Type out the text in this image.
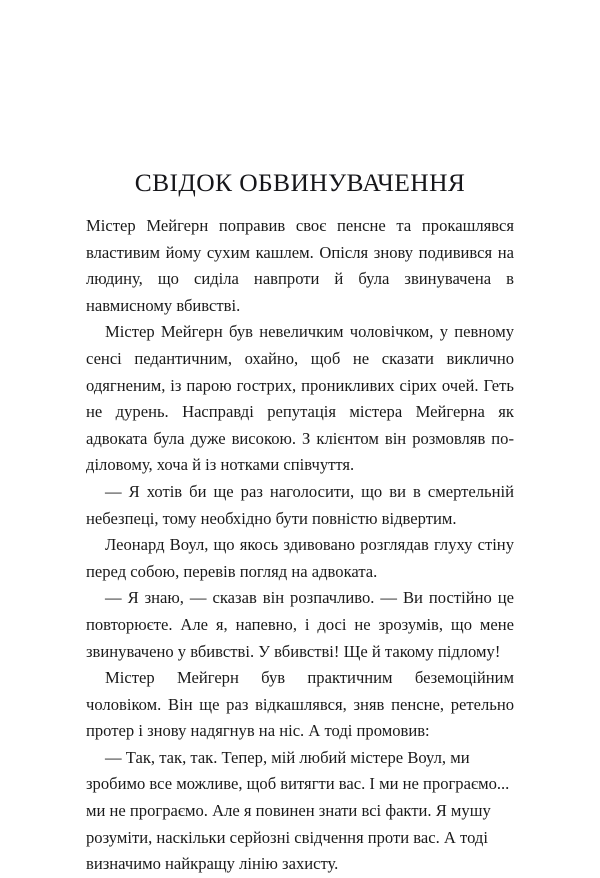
СВІДОК ОБВИНУВАЧЕННЯ

Містер Мейгерн поправив своє пенсне та прокашлявся властивим йому сухим кашлем. Опісля знову подивився на людину, що сиділа навпроти й була звинувачена в навмисному вбивстві.

Містер Мейгерн був невеличким чоловічком, у певному сенсі педантичним, охайно, щоб не сказати виклично одягненим, із парою гострих, проникливих сірих очей. Геть не дурень. Насправді репутація містера Мейгерна як адвоката була дуже високою. З клієнтом він розмовляв по-діловому, хоча й із нотками співчуття.

— Я хотів би ще раз наголосити, що ви в смертельній небезпеці, тому необхідно бути повністю відвертим.

Леонард Воул, що якось здивовано розглядав глуху стіну перед собою, перевів погляд на адвоката.

— Я знаю, — сказав він розпачливо. — Ви постійно це повторюєте. Але я, напевно, і досі не зрозумів, що мене звинувачено у вбивстві. У вбивстві! Ще й такому підлому!

Містер Мейгерн був практичним беземоційним чоловіком. Він ще раз відкашлявся, зняв пенсне, ретельно протер і знову надягнув на ніс. А тоді промовив:

— Так, так, так. Тепер, мій любий містере Воул, ми зробимо все можливе, щоб витягти вас. І ми не програємо... ми не програємо. Але я повинен знати всі факти. Я мушу розуміти, наскільки серйозні свідчення проти вас. А тоді визначимо найкращу лінію захисту.
